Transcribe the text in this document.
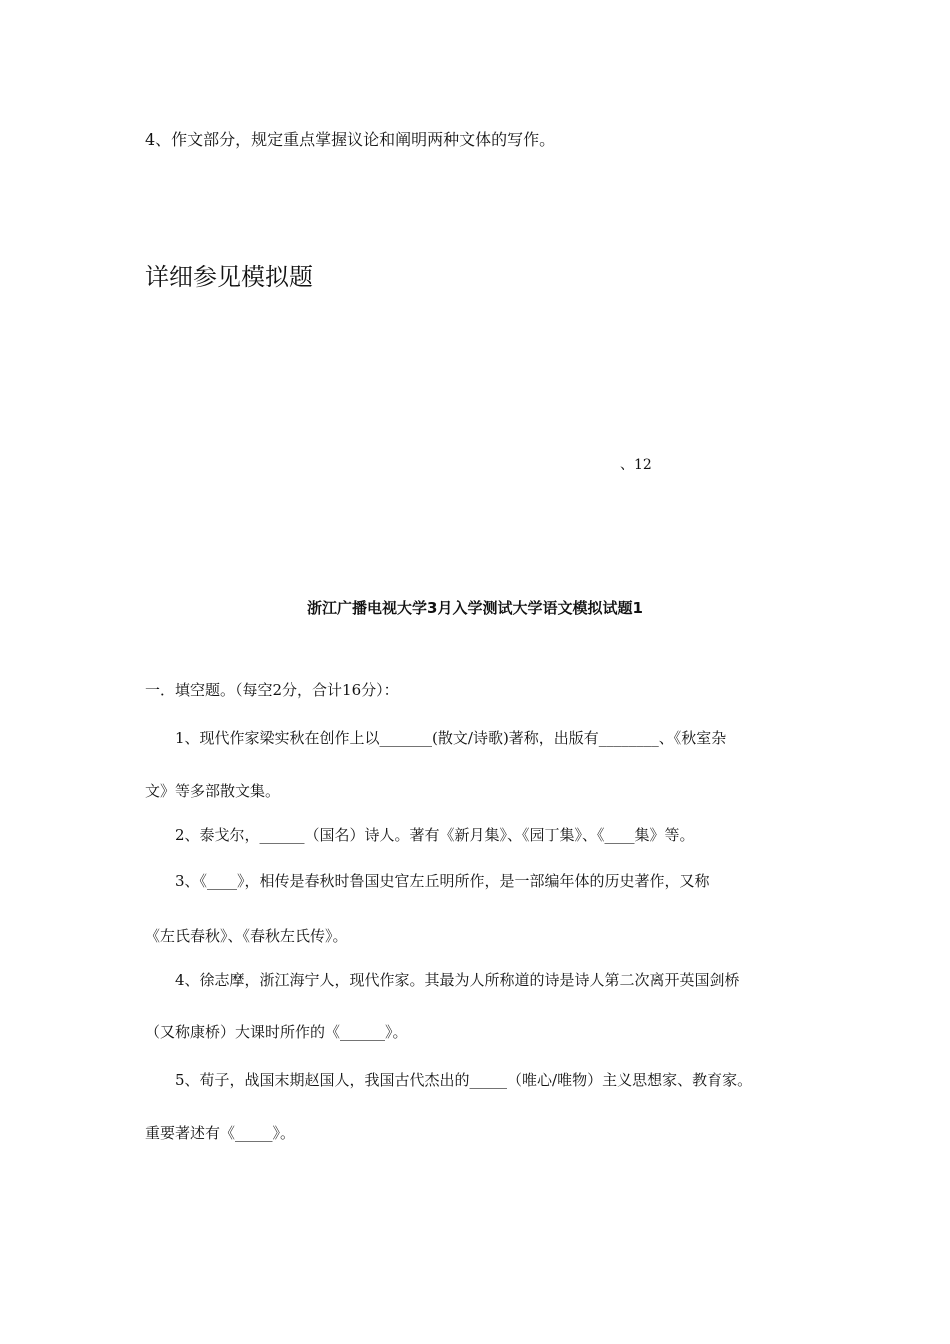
4、作文部分，规定重点掌握议论和阐明两种文体的写作。
详细参见模拟题
、12
浙江广播电视大学3月入学测试大学语文模拟试题1
一．填空题。（每空2分，合计16分）：
1、现代作家梁实秋在创作上以_______(散文/诗歌)著称，出版有________、《秋室杂
文》等多部散文集。
2、泰戈尔，______（国名）诗人。著有《新月集》、《园丁集》、《____集》等。
3、《____》，相传是春秋时鲁国史官左丘明所作，是一部编年体的历史著作，又称
《左氏春秋》、《春秋左氏传》。
4、徐志摩，浙江海宁人，现代作家。其最为人所称道的诗是诗人第二次离开英国剑桥
（又称康桥）大课时所作的《______》。
5、荀子，战国末期赵国人，我国古代杰出的_____（唯心/唯物）主义思想家、教育家。
重要著述有《_____》。
